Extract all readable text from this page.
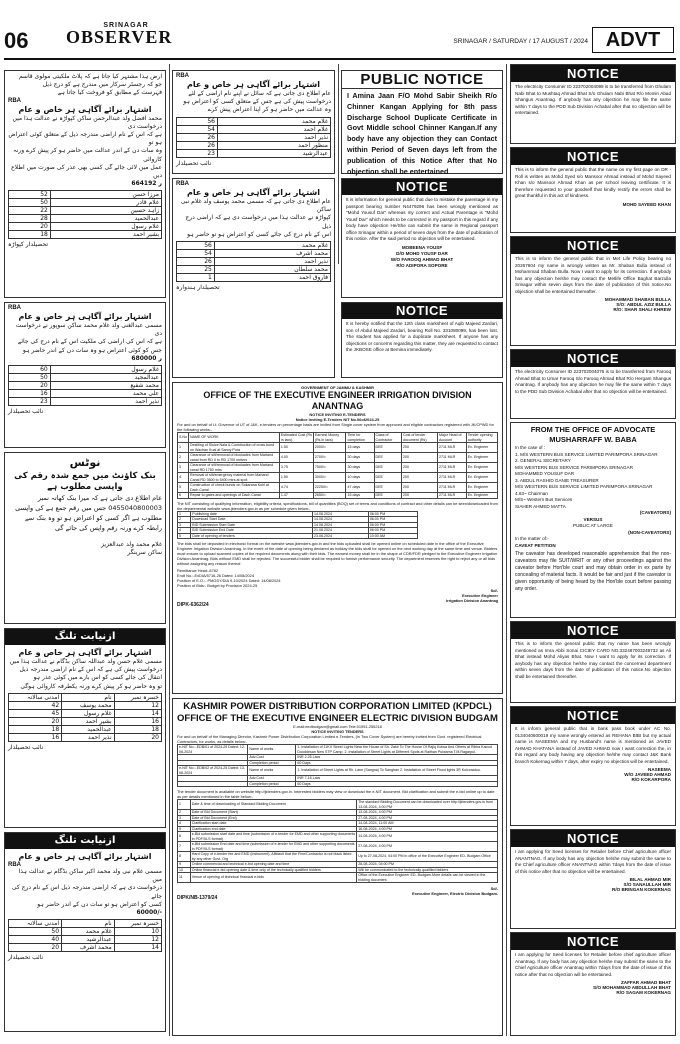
06
SRINAGAR
OBSERVER	SRINAGAR / SATURDAY / 17 AUGUST / 2024 ADVT
ارض ہذا مشتہر کیا جاتا ہے کہ پلاٹ ملکیتی مولوی قاسم
جو کہ رجسٹر سرکار میں مندرج ہے کو درج ذیل
فہرست کے مطابق کو فروخت کیا جاتا ہے
RBA
اشتہار برائے آگاہی ہر خاص و عام
محمد افضل ولد عبدالرحمن ساکن کپواڑہ نے عدالت ہذا میں درخواست دی
ہے کہ اس کے نام اراضی مندرجہ ذیل کے متعلق کوئی اعتراض ہو تو
وہ سات دن کے اندر عدالت میں حاضر ہو کر پیش کرے ورنہ کاروائی
عمل میں لائی جائے گی کسی بھی عذر کی صورت میں اطلاع دیں
ر 664192
مرزا حسن	52
غلام قادر	50
زاہد حسین	22
عبدالحمید	28
غلام رسول	20
بشیر احمد	18
تحصیلدار کپواڑہ
RBA
اشتہار برائے آگاہی ہر خاص و عام
مسمی عبدالغنی ولد غلام محمد ساکن سوپور نے درخواست دی
ہے کہ اس کی اراضی کی ملکیت اس کے نام درج کی جائے
جس کو کوئی اعتراض ہو وہ سات دن کے اندر حاضر ہو
ر 680000
غلام رسول	60
عبدالمجید	50
محمد شفیع	20
علی محمد	16
نذیر احمد	23
نائب تحصیلدار
نوٹس
بنک کاؤنٹ میں جمع شدہ رقم کی واپسی مطلوب ہے
عام اطلاع دی جاتی ہے کہ میرا بنک کھاتہ نمبر
0455040800003 جس میں رقم جمع ہے کی واپسی
مطلوب ہے اگر کسی کو اعتراض ہو تو وہ بنک سے
رابطہ کرے ورنہ رقم واپس کی جائے گی
غلام محمد ولد عبدالعزیز
ساکن سرینگر
ازنیابت تلنگ
اشتہار برائے آگاہی ہر خاص و عام
مسمی غلام حسن ولد عبداللہ ساکن بڈگام نے عدالت ہذا میں
درخواست پیش کی ہے کہ اس کے نام اراضی مندرجہ ذیل
انتقال کی جائے کسی کو اس بارے میں کوئی عذر ہو
تو وہ حاضر ہو کر پیش کرے ورنہ یکطرفہ کاروائی ہوگی
خسرہ نمبر	نام	آمدنی سالانہ
12	محمد یوسف	42
14	غلام رسول	45
16	بشیر احمد	20
18	عبدالحمید	18
20	نذیر احمد	16
نائب تحصیلدار
ازنیابت تلنگ
اشتہار برائے آگاہی ہر خاص و عام
RBA
مسمی غلام نبی ولد محمد اکبر ساکن بڈگام نے عدالت ہذا میں
درخواست دی ہے کہ اراضی مندرجہ ذیل اس کے نام درج کی جائے
کسی کو اعتراض ہو تو سات دن کے اندر حاضر ہو
-/60000
خسرہ نمبر	نام	آمدنی سالانہ
10	غلام محمد	50
12	عبدالرشید	40
14	محمد اشرف	20
نائب تحصیلدار
RBA
اشتہار برائے آگاہی ہر خاص و عام
عام اطلاع دی جاتی ہے کہ سائل نے اپنے نام اراضی کے لئے
درخواست پیش کی ہے جس کے متعلق کسی کو اعتراض ہو
وہ عدالت میں حاضر ہو کر اپنا اعتراض پیش کرے
غلام محمد	56
غلام احمد	54
نذیر احمد	26
منظور احمد	26
عبدالرشید	23
نائب تحصیلدار
RBA
اشتہار برائے آگاہی ہر خاص و عام
عام اطلاع دی جاتی ہے کہ مسمی محمد یوسف ولد غلام نبی ساکن
کپواڑہ نے عدالت ہذا میں درخواست دی ہے کہ اراضی درج ذیل
اس کے نام درج کی جائے کسی کو اعتراض ہو تو حاضر ہو
غلام محمد	56
محمد اشرف	54
نذیر احمد	26
محمد سلطان	25
فاروق احمد	1
تحصیلدار ہندوارہ
PUBLIC NOTICE
I Amina Jaan F/O Mohd Sabir Sheikh R/o Chinner Kangan Applying for 8th pass Discharge School Duplicate Certificate in Govt Middle school Chinner Kangan.If any body have any objection they can Contact within Period of Seven days left from the publication of this Notice After that No objection shall be entertained
NOTICE
It is information for general public that due to mistake the parentage in my passport bearing number N4479296 has been wrongly mentioned as "Mohd Yousuf Dar" whereas my correct and Actual Parentage is "Mohd Yousf Dar" which needs to be corrected in my passport in this regard if any body have objection He/She can submit the same in Regional passport office Srinagar within a period of seven days from the date of publication of this notice. After the said period no objection will be entertained.
MOBEENA YOUSF
D/O MOHD YOUSF DAR
W/O FAROOQ AHMAD BHAT
R/O ADIPORA SOPORE
NOTICE
It is hereby notified that the 12th class marksheet of Aqib Majeed Zardari, son of Abdul Majeed Zardari, bearing Roll No. 331080099, has been lost. The student has applied for a duplicate marksheet. If anyone has any objections or concerns regarding this matter, they are requested to contact the JKBOSE office at Bemina immediately.
GOVERNMENT OF JAMMU & KASHMIR
OFFICE OF THE EXECUTIVE ENGINEER IRRIGATION DIVISION ANANTNAG
NOTICE INVITING E-TENDERS
Notice Inviting E-Tenders NIT No.06of2024-25
For and on behalf of Lt. Governor of UT of J&K, e-tenders on percentage basis are invited from Single cover system from approved and eligible contractors registered with JK/CPWD for the following works:-
S.No	NAME OF WORK	Estimated Cost (Rs in lacs)	Earnest Money (Rs in lacs)	Time for completion	Class of Contractor	Cost of tender document (Rs)	Major Head of Account	Tender opening authority
1	Desilting of Sluice Nala & Construction of cross bund on Wachan Kual at Sanoy Pora	1.50	2000/=	15 days	DEE	200	2711 MLR	Ex. Engineer
2	Clearance of silt/removal of blockades from Martand canal from RD 0 to RD 1700 meters	4.00	2700/=	30 days	DEE	200	2711 MLR	Ex. Engineer
3	Clearance of silt/removal of blockades from Martand canal RD 1750 mtrs	3.75	7500/=	30 days	DEE	200	2711 MLR	Ex. Engineer
4	Removal of silt/emergency material from Martand Canal RD 3600 to 5400 mtrs at spot	1.50	3000/=	10 days	DEE	200	2711 MLR	Ex. Engineer
5	Construction of check bunds on Sokarana Kuhl at Dach Canal	4.74	22250/=	47 days	DEE	200	2711 MLR	Ex. Engineer
6	Repair to gates and openings of Dach Canal	1.47	2650/=	15 days	DEE	200	2711 MLR	Ex. Engineer
The NIT consisting of qualifying information, eligibility criteria, specifications, bill of quantities (BOQ) set of terms and conditions of contract and other details can be seen/downloaded from the departmental website www.jktenders.gov.in as per schedule given below:-
1	Publishing date	14.08.2024	06:00 PM
2	Download Start Date	14.08.2024	06:00 PM
3	BID Submission Start Date	14.08.2024	06:00 PM
4	BID Submission End Date	21.08.2024	06:00 PM
5	Date of opening of tenders	23.08.2024	10:00 AM
The bids shall be deposited in electronic format on the website www.jktenders.gov.in and the bids uploaded shall be opened online on scheduled date in the office of the Executive Engineer Irrigation Division Anantnag. In the event of the date of opening being declared as holiday the bids shall be opened on the next working day at the same time and venue. Bidders must ensure to upload scanned copies of the required documents along with their bids. The earnest money shall be in the shape of CDR/FDR pledged to the Executive Engineer Irrigation Division Anantnag. Bids without EMD shall be rejected. The successful bidder shall be required to furnish performance security. The department reserves the right to reject any or all bids without assigning any reason thereof.
Remittance Head:-8782
Endt No.:-ExDIA/5716-26 Dated: 14/08/2024
Position of E.O.:- PMGSY/DIA 9-10/2024 Dated: 14/08/2024
Position of Bids:- Budget by Provision 2024-25
Sd/-
Executive Engineer
Irrigation Division Anantnag
DIPK-6362/24
KASHMIR POWER DISTRIBUTION CORPORATION LIMITED (KPDCL) OFFICE OF THE EXECUTIVE ENGINEER ELECTRIC DIVISION BUDGAM
E-mail:eedbudgam@gmail.com Tele:01951-255218
NOTICE INVITING TENDERS
For and on behalf of the Managing Director, Kashmir Power Distribution Corporation Limited e-Tenders, (in Two Cover System) are hereby invited from Govt. registered Electrical Contractors, for works, as details below:-
e-NIT No.:-EDB/01 of 2024-25 Dated: 12-08-2024	Name of works	1. Installation of 11KV Street Lights Near the House of Sh. Zakir To The House Of Rajiq Kotwa And Others at Rikha Kacool Dooddesan New STP Camp. 2. Installation of Street Lights at Different Spots at Raithan Pulwama T.M.Ragarpul.
	Adv.Cost	INR 2.25 Lacs
	Completion period	60 Days
e-NIT No.:-EDB/02 of 2024-25 Dated: 13-08-2024	Name of works	1. Installation of Street Lights at Sh. Lane (Sangna) To Sanghan 2. Installation of Street Flood lights 3R Kulcoradoo.
	Adv.Cost	INR 7.16 Lacs
	Completion period	60 Days
The tender document is available on website http://jktenders.gov.in. Interested bidders may view or download the e-NIT document. Bid clarification and submit the e-bid online up to date as per details mentioned in the table below:-
1	Date & time of downloading of Standard Bidding Document	The standard Bidding Document can be downloaded over http://jktenders.gov.in from 13-08-2024, 4:00 PM
2	Date of Bid Document (Start)	13-08-2024, 4:00 PM
3	Date of Bid Document (End)	27-08-2024, 4:00 PM
4	Clarification start date	14-08-2024, 11:00 AM
5	Clarification end date	16-08-2024, 4:00 PM
6	e-Bid submission start date and time (submission of e-tender for EMD and other supporting documents in PDF/XLS format)	14-08-2024, 4:00 PM
7	e-Bid submission End date and time (submission of e-tender for EMD and other supporting documents in PDF/XLS format)	27-08-2024, 4:00 PM
8	Hard Copy of e-tender fee and EMD (instrument), Affidavit that the Firm/Contractor is not black listed by any other Govt. Org	Up to 27-08-2024, 04:00 PM in office of the Executive Engineer ED- Budgam Office
9	Online commercial and technical e-bid opening date and time	28-08-2024, 04:00 PM
10	Online financial e-bid opening date & time only of the technically qualified bidders	Will be communicated to the technically qualified bidders
11	Venue of opening of technical financial e-bids	Office of the Executive Engineer ED- Budgam.More details can be viewed in the bidding document.
Sd/-
Executive Engineer, Electric Division Budgam.
DIPK/NB-1379/24
NOTICE
The electricity Consumer ID 223702004099 is to be transferred from Ghulam Nabi Bhat to Mushtaq Ahmad Bhat S/o Ghulam Nabi Bhat R/o Momin Abad Shangus Anantnag. If anybody has any objection he may file the same within 7 days to the PDD Sub Division Achabal after that no objection will be entertained.
NOTICE
This is to inform the general public that the name on my first page on DR - Roll is written as Mohd Syed s/o Mansoor Ahmad instead of Mohd Sayeed Khan s/o Mansoor Ahmad Khan as per school leaving certificate. It is therefore requested to your goodself that kindly rectify the errors shall be great thankful in this act of kindness.
MOHD SAYEED KHAN
NOTICE
This is to inform the general public that in Met Life Policy bearing no 20267604 my name is wrongly written as Mr. Shaban Bulla instead of Mohammad Shaban Bulla. Now I want to apply for its correction. If anybody has any objection he/she may contact the Metlife Office Baghat Barzulla Srinagar within seven days from the date of publication of this notice.No objection shall be entertained thereafter.
MOHAMMAD SHABAN BULLA
S/O: ABDUL AZIZ BULLA
R/O: SHAR SHALI KHREW
NOTICE
The electricity Consumer ID 223702004076 is to be transferred from Farooq Ahmad Bhat to Umar Farooq S/o Farooq Ahmad Bhat R/o Hergam Shangus Anantnag. If anybody has any objection he may file the same within 7 days to the PDD Sub Division Achabal after that no objection will be entertained.
FROM THE OFFICE OF ADVOCATE
MUSHARRAFF W. BABA
In the case of :
1. M/S WESTERN BUS SERVICE LIMITED PARIMPORA SRINAGAR
2. GENERAL SECRETARY
M/S WESTERN BUS SERVICE PARIMPORA SRINAGAR
MOHAMMED YOUSUF DAR
3. ABDUL RASHID GANIE TREASURER
M/S WESTERN BUS SERVICE LIMITED PARIMPORA SRINAGAR
4.63~ Chairman
M/S~ Western Bus Services
SIAHER AHMED MATTA
(CAVEATORS)
VERSUS
PUBLIC AT LARGE
(NON-CAVEATORS)
In the matter of:-
CAVEAT PETITION
The caveator has developed reasonable apprehension that the non- caveators may file SUIT/WRIT or any other proceedings against the caveator before Hon'ble court and may obtain order in ex parte by concealing of material facts. It would be fair and just if the caveator is given opportunity of being heard by the Hon'ble court before passing any order.
NOTICE
This is to inform the general public that my name has been wrongly mentioned as Imra Abbi Sonai CICIEY CARD NO.332467003249732 as Ali Bhat instead Mohd Aliyas Bhat. Now I want to apply for its correction. If anybody has any objection he/she may contact the concerned department within seven days from the date of publication of this notice.No objection shall be entertained thereafter.
NOTICE
It is inform general public that in bank pass book under AC No. 0134040600019 my name wrongly entered as REHANA BIBI but my actual name is NASEEMA and my Husband's name is mentioned as JAVED AHMAD KHATANA instead of JAVED AHMAD now I want correction the, in this regard any body having any objection he/she may contact J&K Bank branch Kokernag within 7 days, after expiry no objection will be entertained.
NASEEMA
W/O JAVEED AHMAD
R/O KOKARPORA
NOTICE
I am applying for Seed licenses for Retailer before Chief agriculture officer ANANTNAG. If any body has any objection he/she may submit the same to the Chief agriculture officer ANANTNAG within 7days from the date of issue of this notice after that no objection will be entertained.
BILAL AHMAD MIR
S/O SANAULLAH MIR
R/O BRINGAN KOKERNAG
NOTICE
I am applying for Seed licenses for Retailer before chief agriculture officer Anantnag. If any body has any objection he/she may submit the same to the Chief Agriculture officer Anantnag within 7days from the date of issue of this notice after that no objection will be entertained.
ZAFFAR AHMAD BHAT
S/O MOHAMMAD ABDULLAH BHAT
R/O SAGAM KOKERNAG
